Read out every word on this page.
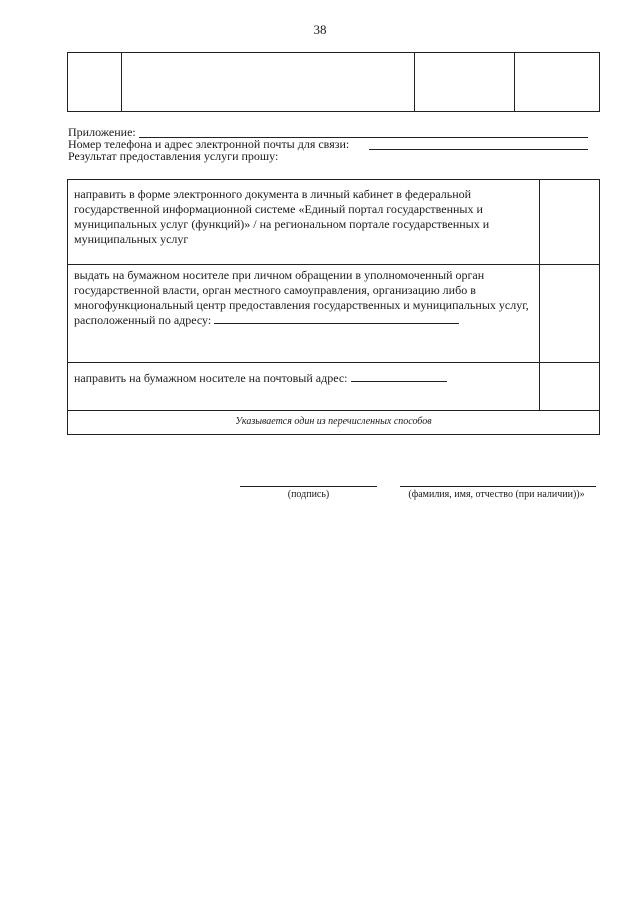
38
Приложение:
Номер телефона и адрес электронной почты для связи:
Результат предоставления услуги прошу:
направить в форме электронного документа в личный кабинет в федеральной государственной информационной системе «Единый портал государственных и муниципальных услуг (функций)» / на региональном портале государственных и муниципальных услуг
выдать на бумажном носителе при личном обращении в уполномоченный орган государственной власти, орган местного самоуправления, организацию либо в многофункциональный центр предоставления государственных и муниципальных услуг, расположенный по адресу:
направить на бумажном носителе на почтовый адрес:
Указывается один из перечисленных способов
(подпись)	(фамилия, имя, отчество (при наличии))»
